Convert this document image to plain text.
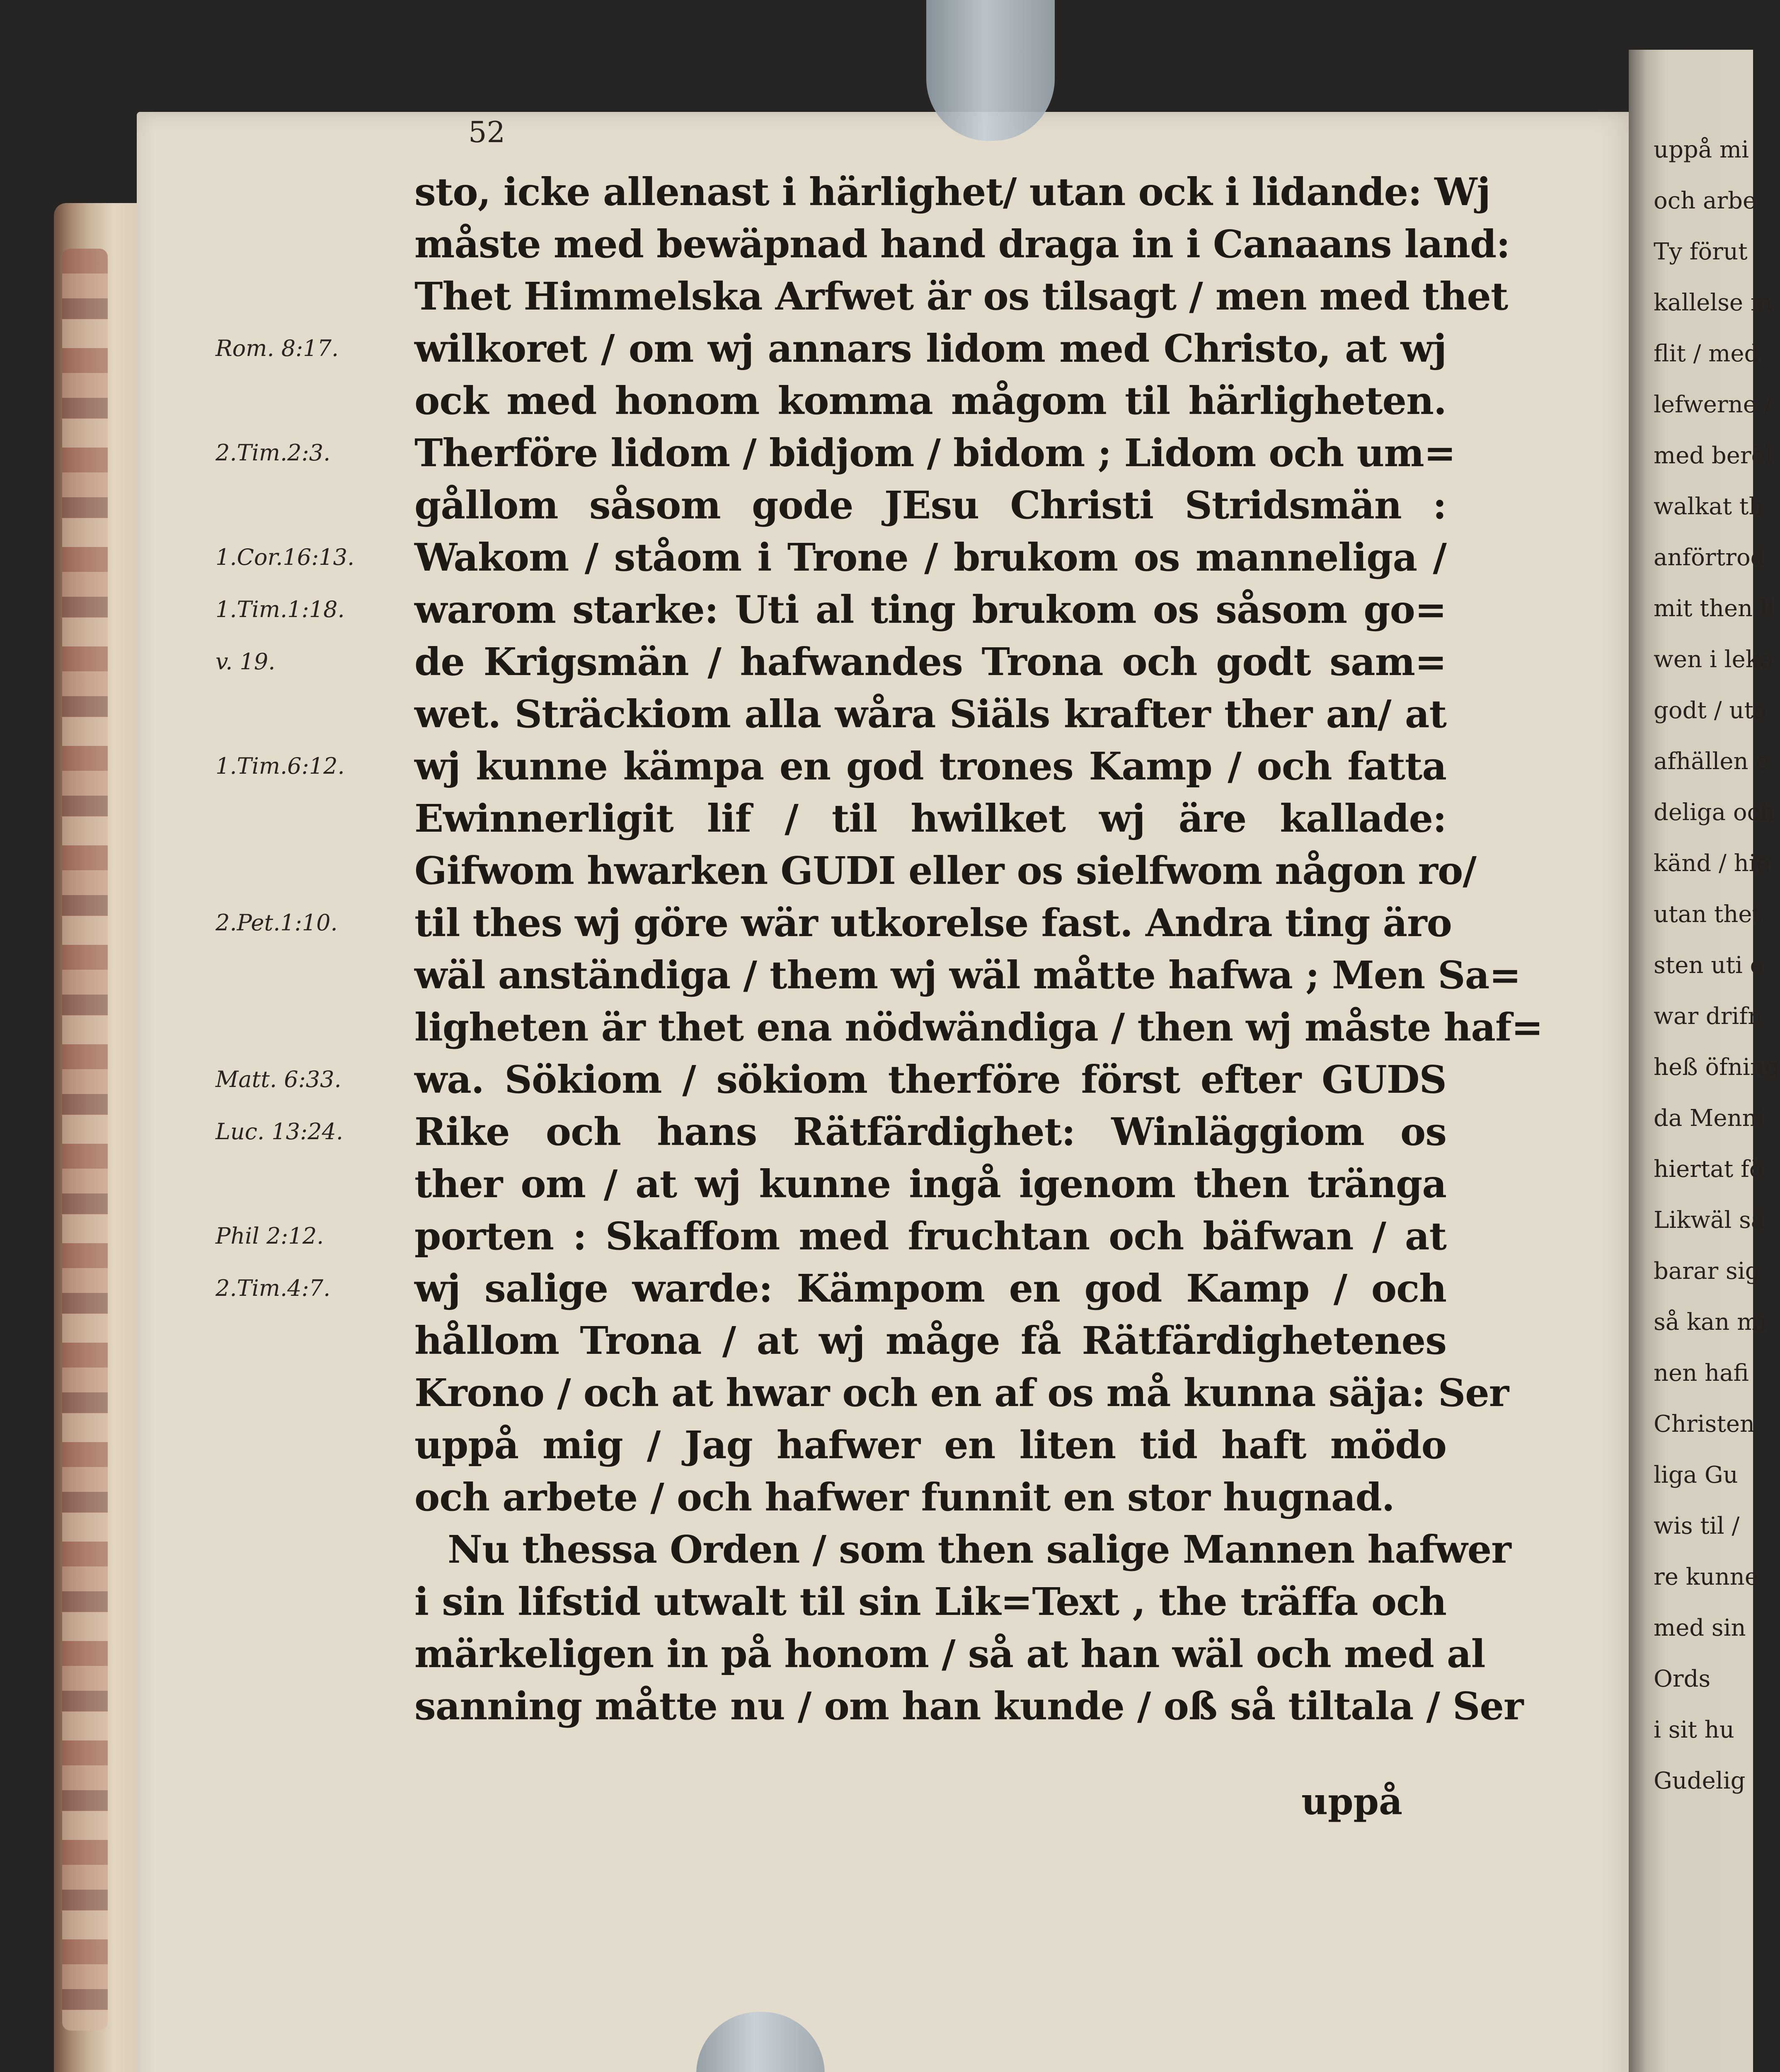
uppå mi
och arbe
Ty förut
kallelse m
flit / med
lefwerne /
med beröl
walkat th
anförtrod
mit then li
wen i leka
godt / uta
afhällen c
deliga och
känd / hie
utan thet
sten uti e
war drifn
heß öfning
da Menni
hiertat fö
Likwäl så
barar sig
så kan mi
nen hafi
Christen
liga Gu
wis til /
re kunne
med sin
Ords
i sit hu
Gudelig

52

sto, icke allenast i härlighet/ utan ock i lidande: Wj
måste med bewäpnad hand draga in i Canaans land:
Thet Himmelska Arfwet är os tilsagt / men med thet
Rom. 8:17.	wilkoret / om wj annars lidom med Christo, at wj
ock med honom komma mågom til härligheten.
2.Tim.2:3.	Therföre lidom / bidjom / bidom ; Lidom och um=
gållom såsom gode JEsu Christi Stridsmän :
1.Cor.16:13.	Wakom / ståom i Trone / brukom os manneliga /
1.Tim.1:18.	warom starke: Uti al ting brukom os såsom go=
v. 19.	de Krigsmän / hafwandes Trona och godt sam=
wet. Sträckiom alla wåra Siäls krafter ther an/ at
1.Tim.6:12.	wj kunne kämpa en god trones Kamp / och fatta
Ewinnerligit lif / til hwilket wj äre kallade:
Gifwom hwarken GUDI eller os sielfwom någon ro/
2.Pet.1:10.	til thes wj göre wär utkorelse fast. Andra ting äro
wäl anständiga / them wj wäl måtte hafwa ; Men Sa=
ligheten är thet ena nödwändiga / then wj måste haf=
Matt. 6:33.	wa. Sökiom / sökiom therföre först efter GUDS
Luc. 13:24.	Rike och hans Rätfärdighet: Winläggiom os
ther om / at wj kunne ingå igenom then tränga
Phil 2:12.	porten : Skaffom med fruchtan och bäfwan / at
2.Tim.4:7.	wj salige warde: Kämpom en god Kamp / och
hållom Trona / at wj måge få Rätfärdighetenes
Krono / och at hwar och en af os må kunna säja: Ser
uppå mig / Jag hafwer en liten tid haft mödo
och arbete / och hafwer funnit en stor hugnad.
Nu thessa Orden / som then salige Mannen hafwer
i sin lifstid utwalt til sin Lik=Text , the träffa och
märkeligen in på honom / så at han wäl och med al
sanning måtte nu / om han kunde / oß så tiltala / Ser

uppå
